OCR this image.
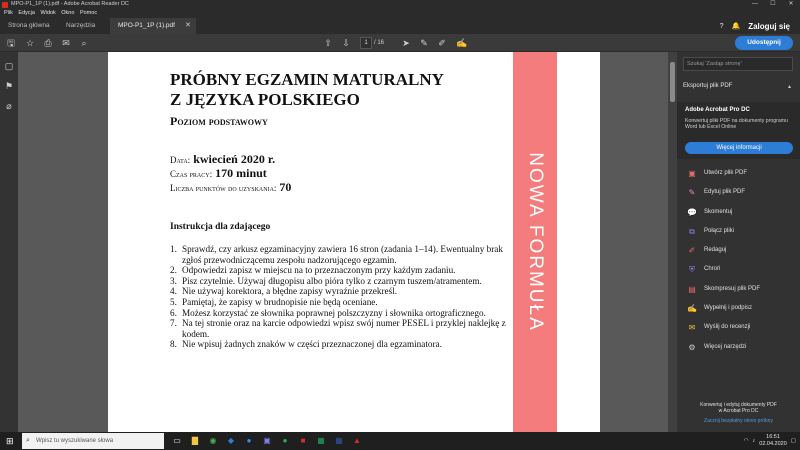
MPO-P1_1P (1).pdf - Adobe Acrobat Reader DC	—	☐	✕
Plik Edycja Widok Okno Pomoc
Strona główna	Narzędzia	MPO-P1_1P (1).pdf	✕	? 🔔 Zaloguj się
🖫 ☆ ⎙ ✉	⌕	⇧ ⇩	1	/ 16 ➤ ✎ ✐ ✍	Udostępnij
▢
⚑
⌀
NOWA FORMUŁA
PRÓBNY EGZAMIN MATURALNY
Z JĘZYKA POLSKIEGO
Poziom podstawowy
Data: kwiecień 2020 r.
Czas pracy: 170 minut
Liczba punktów do uzyskania: 70
Instrukcja dla zdającego
1. Sprawdź, czy arkusz egzaminacyjny zawiera 16 stron (zadania 1–14). Ewentualny brak zgłoś przewodniczącemu zespołu nadzorującego egzamin.
2. Odpowiedzi zapisz w miejscu na to przeznaczonym przy każdym zadaniu.
3. Pisz czytelnie. Używaj długopisu albo pióra tylko z czarnym tuszem/atramentem.
4. Nie używaj korektora, a błędne zapisy wyraźnie przekreśl.
5. Pamiętaj, że zapisy w brudnopisie nie będą oceniane.
6. Możesz korzystać ze słownika poprawnej polszczyzny i słownika ortograficznego.
7. Na tej stronie oraz na karcie odpowiedzi wpisz swój numer PESEL i przyklej naklejkę z kodem.
8. Nie wpisuj żadnych znaków w części przeznaczonej dla egzaminatora.
Szukaj 'Zastąp stronę'
Eksportuj plik PDF	▴
Adobe Acrobat Pro DC
Konwertuj pliki PDF na dokumenty programu Word lub Excel Online
Więcej informacji
▣ Utwórz plik PDF
✎ Edytuj plik PDF
💬 Skomentuj
⧉	Połącz pliki
✐ Redaguj
⛨	Chroń
▤ Skompresuj plik PDF
✍ Wypełnij i podpisz
✉ Wyślij do recenzji
⚙ Więcej narzędzi
Konwertuj i edytuj dokumenty PDF
w Acrobat Pro DC
Zacznij bezpłatny okres próbny
⊞	⌕ Wpisz tu wyszukiwane słowa	▭	▇	◉	◆	●	▣	●	■	▦	▦	▲	◠ ♪
16:51
02.04.2020 ▢
